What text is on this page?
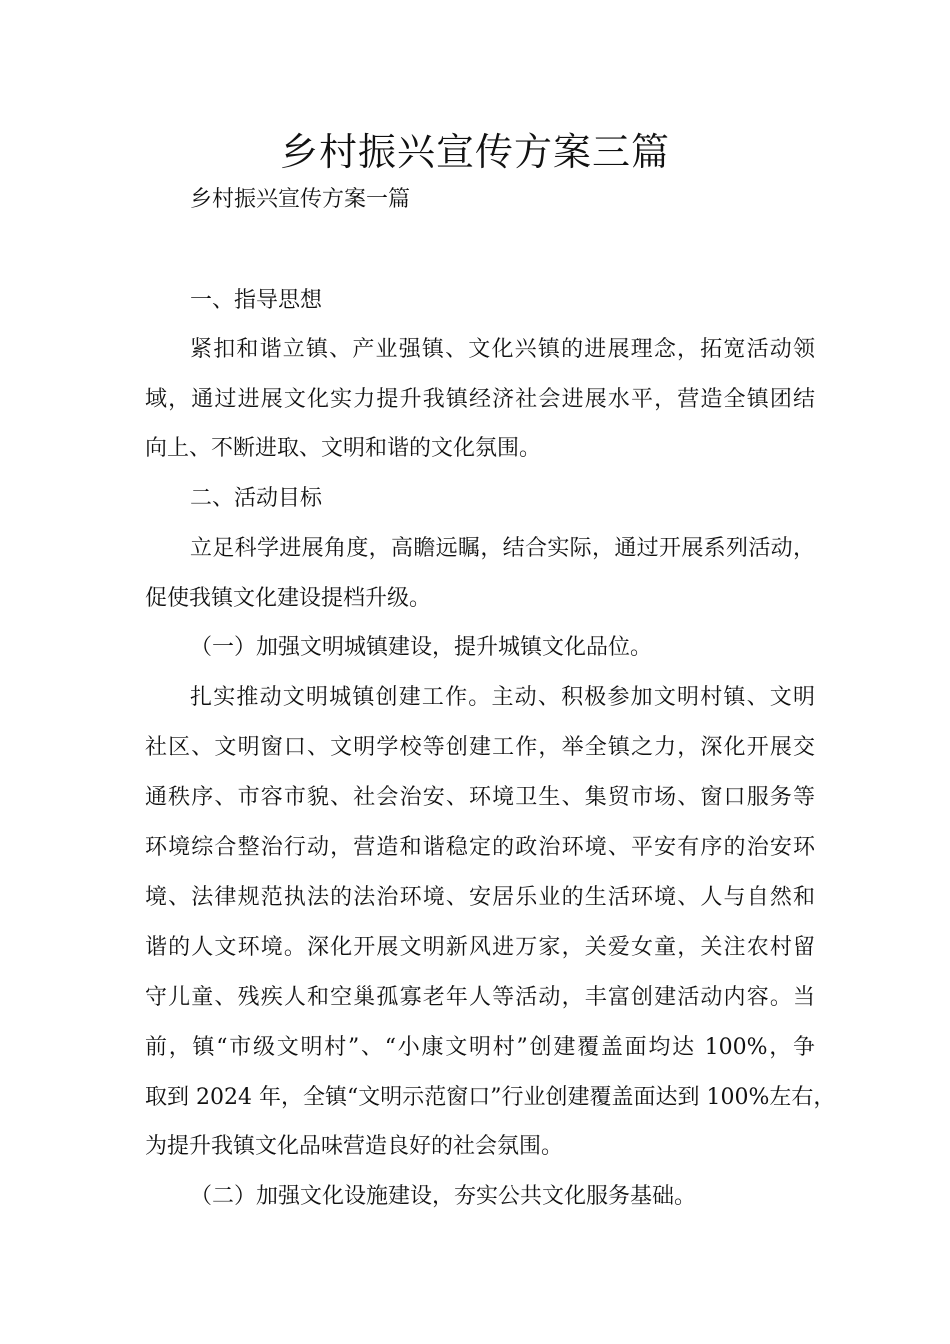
乡村振兴宣传方案三篇

乡村振兴宣传方案一篇

一、指导思想

紧扣和谐立镇、产业强镇、文化兴镇的进展理念，拓宽活动领

域，通过进展文化实力提升我镇经济社会进展水平，营造全镇团结

向上、不断进取、文明和谐的文化氛围。

二、活动目标

立足科学进展角度，高瞻远瞩，结合实际，通过开展系列活动，

促使我镇文化建设提档升级。

（一）加强文明城镇建设，提升城镇文化品位。

扎实推动文明城镇创建工作。主动、积极参加文明村镇、文明

社区、文明窗口、文明学校等创建工作，举全镇之力，深化开展交

通秩序、市容市貌、社会治安、环境卫生、集贸市场、窗口服务等

环境综合整治行动，营造和谐稳定的政治环境、平安有序的治安环

境、法律规范执法的法治环境、安居乐业的生活环境、人与自然和

谐的人文环境。深化开展文明新风进万家，关爱女童，关注农村留

守儿童、残疾人和空巢孤寡老年人等活动，丰富创建活动内容。当

前，镇“市级文明村”、“小康文明村”创建覆盖面均达 100%，争

取到 2024 年，全镇“文明示范窗口”行业创建覆盖面达到 100%左右，

为提升我镇文化品味营造良好的社会氛围。

（二）加强文化设施建设，夯实公共文化服务基础。
